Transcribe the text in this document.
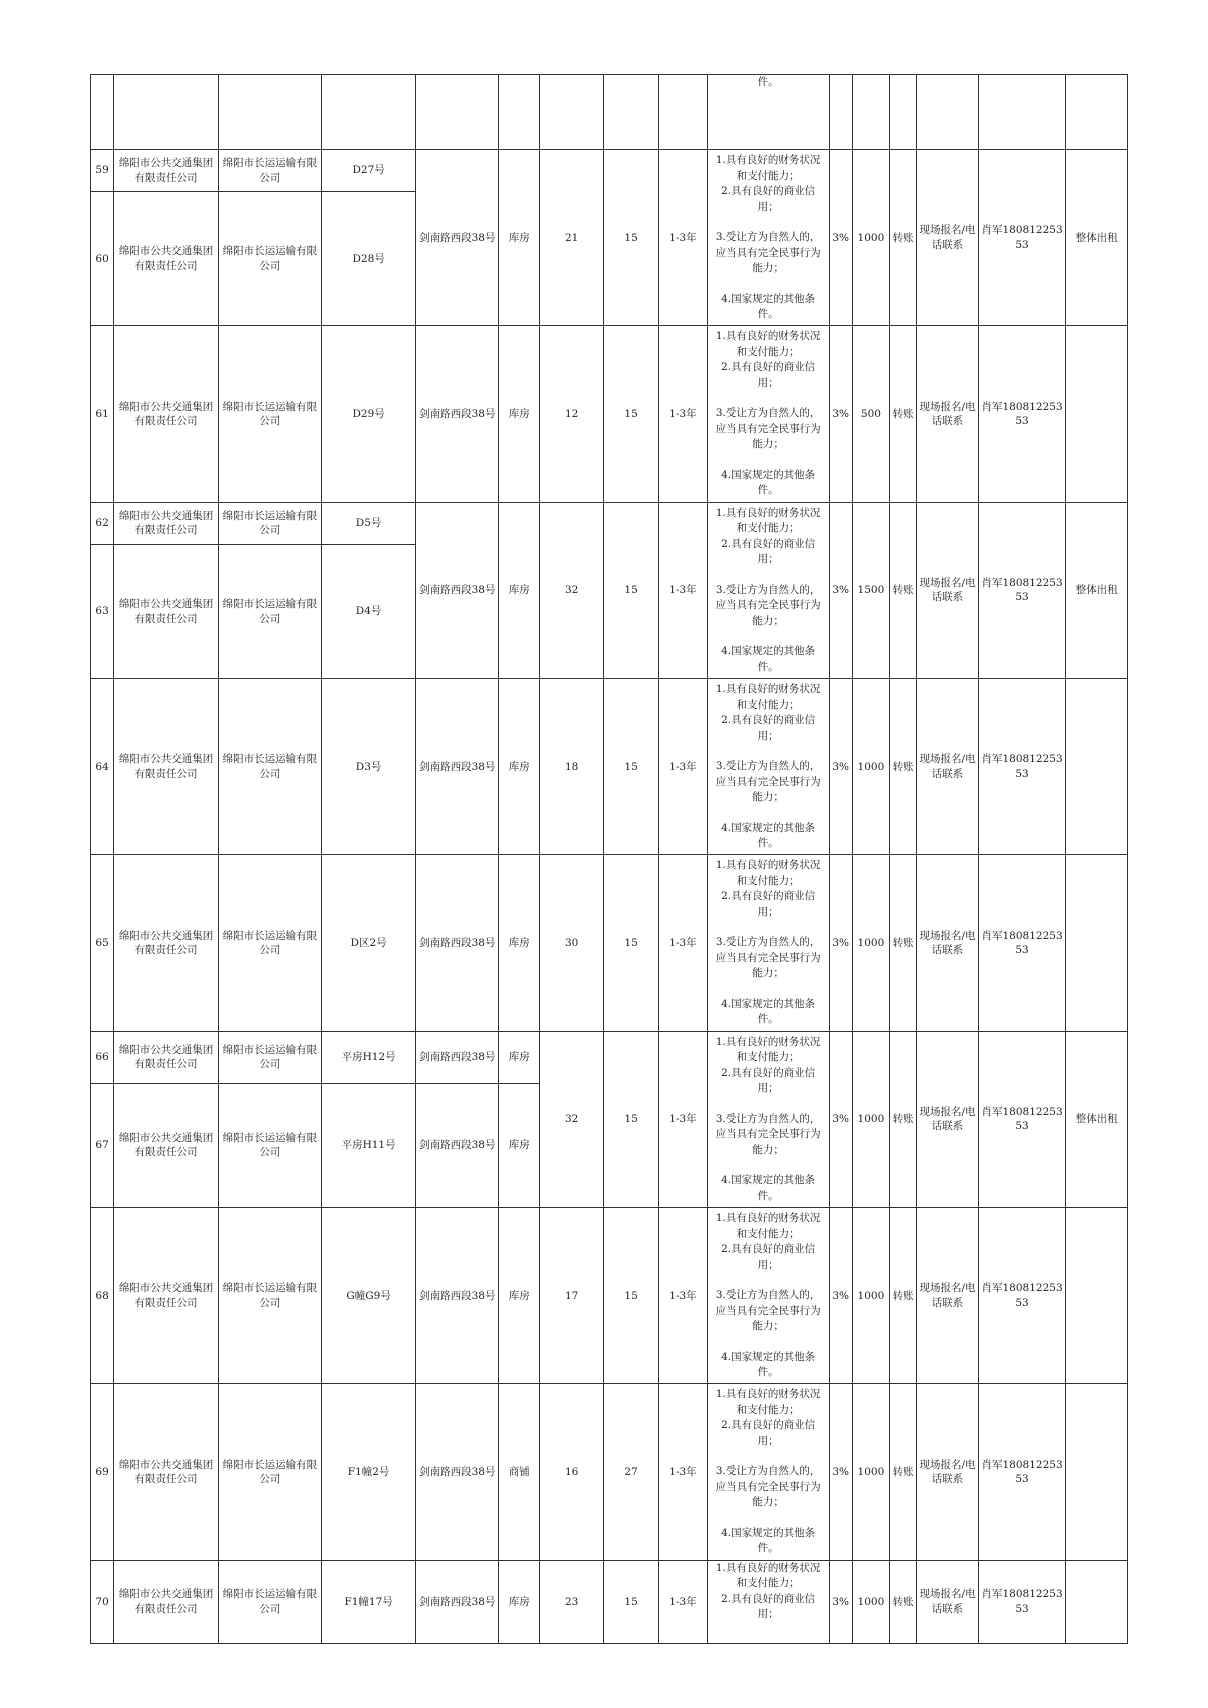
									件。						
59	绵阳市公共交通集团有限责任公司	绵阳市长运运输有限公司	D27号	剑南路西段38号	库房	21	15	1-3年	1.具有良好的财务状况和支付能力；
2.具有良好的商业信用；
3.受让方为自然人的，应当具有完全民事行为能力；
4.国家规定的其他条件。	3%	1000	转账	现场报名/电话联系	肖军18081225353	整体出租
60	绵阳市公共交通集团有限责任公司	绵阳市长运运输有限公司	D28号												
61	绵阳市公共交通集团有限责任公司	绵阳市长运运输有限公司	D29号	剑南路西段38号	库房	12	15	1-3年	1.具有良好的财务状况和支付能力；
2.具有良好的商业信用；
3.受让方为自然人的，应当具有完全民事行为能力；
4.国家规定的其他条件。	3%	500	转账	现场报名/电话联系	肖军18081225353	
62	绵阳市公共交通集团有限责任公司	绵阳市长运运输有限公司	D5号	剑南路西段38号	库房	32	15	1-3年	1.具有良好的财务状况和支付能力；
2.具有良好的商业信用；
3.受让方为自然人的，应当具有完全民事行为能力；
4.国家规定的其他条件。	3%	1500	转账	现场报名/电话联系	肖军18081225353	整体出租
63	绵阳市公共交通集团有限责任公司	绵阳市长运运输有限公司	D4号												
64	绵阳市公共交通集团有限责任公司	绵阳市长运运输有限公司	D3号	剑南路西段38号	库房	18	15	1-3年	1.具有良好的财务状况和支付能力；
2.具有良好的商业信用；
3.受让方为自然人的，应当具有完全民事行为能力；
4.国家规定的其他条件。	3%	1000	转账	现场报名/电话联系	肖军18081225353	
65	绵阳市公共交通集团有限责任公司	绵阳市长运运输有限公司	D区2号	剑南路西段38号	库房	30	15	1-3年	1.具有良好的财务状况和支付能力；
2.具有良好的商业信用；
3.受让方为自然人的，应当具有完全民事行为能力；
4.国家规定的其他条件。	3%	1000	转账	现场报名/电话联系	肖军18081225353	
66	绵阳市公共交通集团有限责任公司	绵阳市长运运输有限公司	平房H12号	剑南路西段38号	库房	32	15	1-3年	1.具有良好的财务状况和支付能力；
2.具有良好的商业信用；
3.受让方为自然人的，应当具有完全民事行为能力；
4.国家规定的其他条件。	3%	1000	转账	现场报名/电话联系	肖军18081225353	整体出租
67	绵阳市公共交通集团有限责任公司	绵阳市长运运输有限公司	平房H11号	剑南路西段38号	库房										
68	绵阳市公共交通集团有限责任公司	绵阳市长运运输有限公司	G幢G9号	剑南路西段38号	库房	17	15	1-3年	1.具有良好的财务状况和支付能力；
2.具有良好的商业信用；
3.受让方为自然人的，应当具有完全民事行为能力；
4.国家规定的其他条件。	3%	1000	转账	现场报名/电话联系	肖军18081225353	
69	绵阳市公共交通集团有限责任公司	绵阳市长运运输有限公司	F1幢2号	剑南路西段38号	商铺	16	27	1-3年	1.具有良好的财务状况和支付能力；
2.具有良好的商业信用；
3.受让方为自然人的，应当具有完全民事行为能力；
4.国家规定的其他条件。	3%	1000	转账	现场报名/电话联系	肖军18081225353	
70	绵阳市公共交通集团有限责任公司	绵阳市长运运输有限公司	F1幢17号	剑南路西段38号	库房	23	15	1-3年	1.具有良好的财务状况和支付能力；
2.具有良好的商业信用；	3%	1000	转账	现场报名/电话联系	肖军18081225353	
